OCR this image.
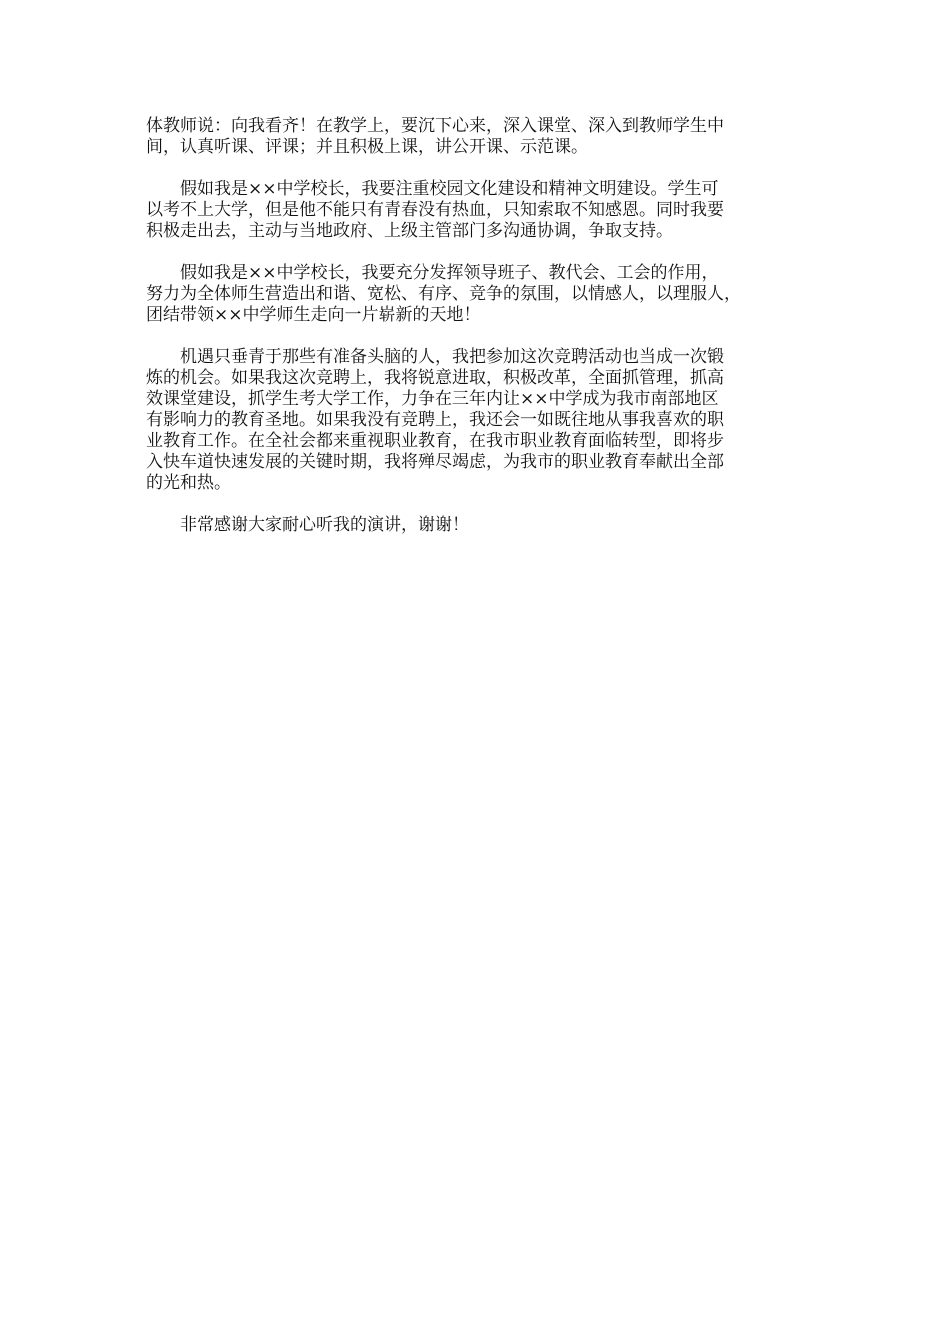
体教师说：向我看齐！在教学上，要沉下心来，深入课堂、深入到教师学生中
间，认真听课、评课；并且积极上课，讲公开课、示范课。

假如我是××中学校长，我要注重校园文化建设和精神文明建设。学生可
以考不上大学，但是他不能只有青春没有热血，只知索取不知感恩。同时我要
积极走出去，主动与当地政府、上级主管部门多沟通协调，争取支持。

假如我是××中学校长，我要充分发挥领导班子、教代会、工会的作用，
努力为全体师生营造出和谐、宽松、有序、竞争的氛围，以情感人，以理服人，
团结带领××中学师生走向一片崭新的天地！

机遇只垂青于那些有准备头脑的人，我把参加这次竞聘活动也当成一次锻
炼的机会。如果我这次竞聘上，我将锐意进取，积极改革，全面抓管理，抓高
效课堂建设，抓学生考大学工作，力争在三年内让××中学成为我市南部地区
有影响力的教育圣地。如果我没有竞聘上，我还会一如既往地从事我喜欢的职
业教育工作。在全社会都来重视职业教育，在我市职业教育面临转型，即将步
入快车道快速发展的关键时期，我将殚尽竭虑，为我市的职业教育奉献出全部
的光和热。

非常感谢大家耐心听我的演讲，谢谢！
